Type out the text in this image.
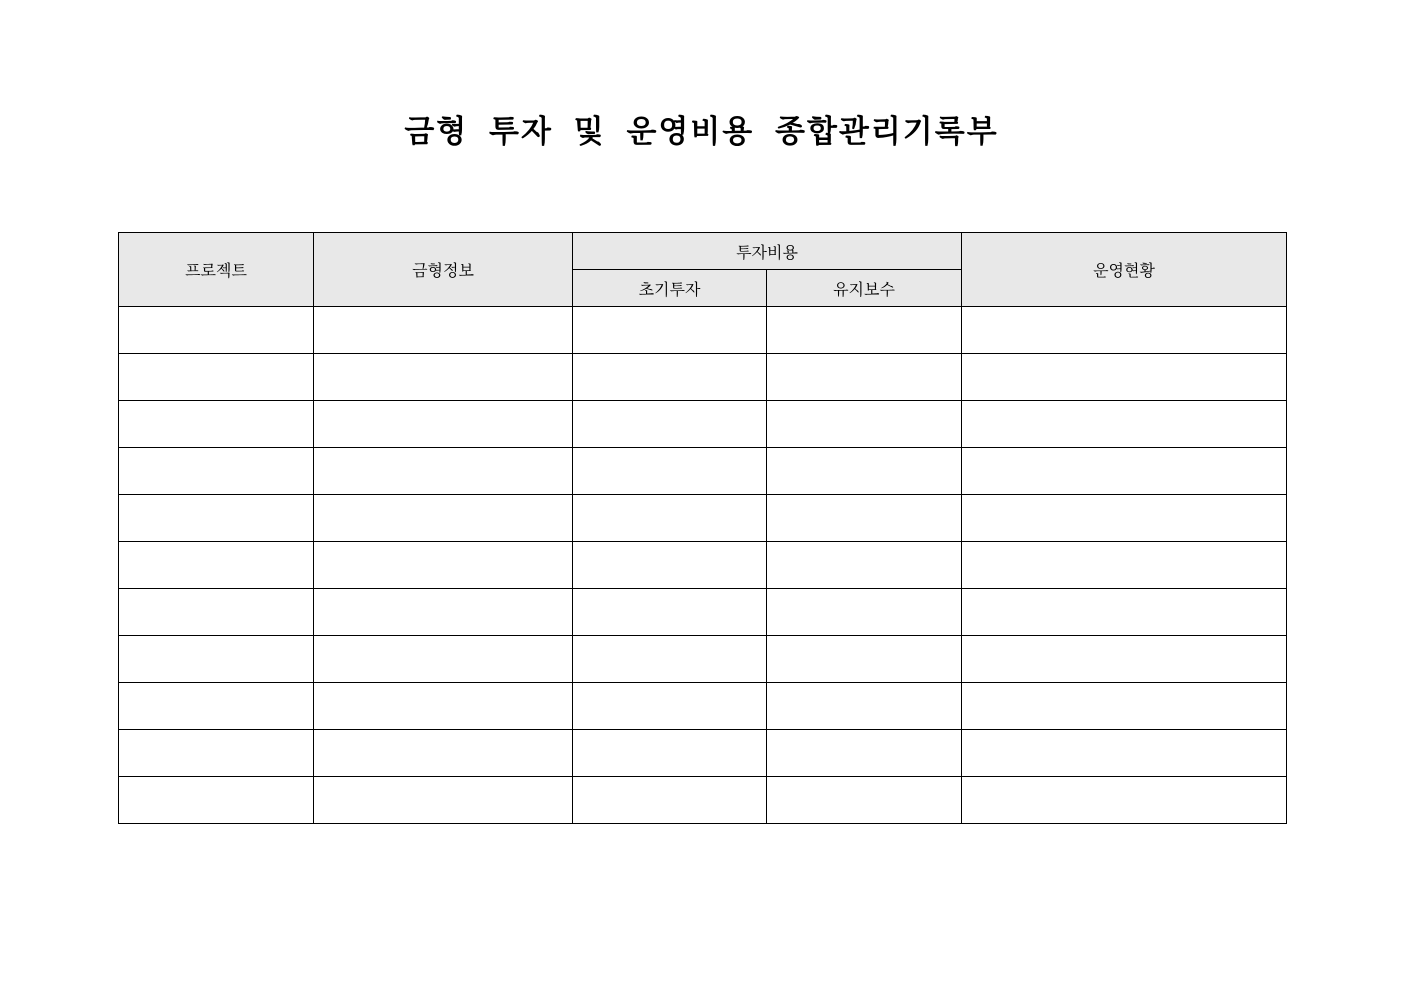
금형 투자 및 운영비용 종합관리기록부
프로젝트	금형정보	투자비용		운영현황
		초기투자	유지보수	
